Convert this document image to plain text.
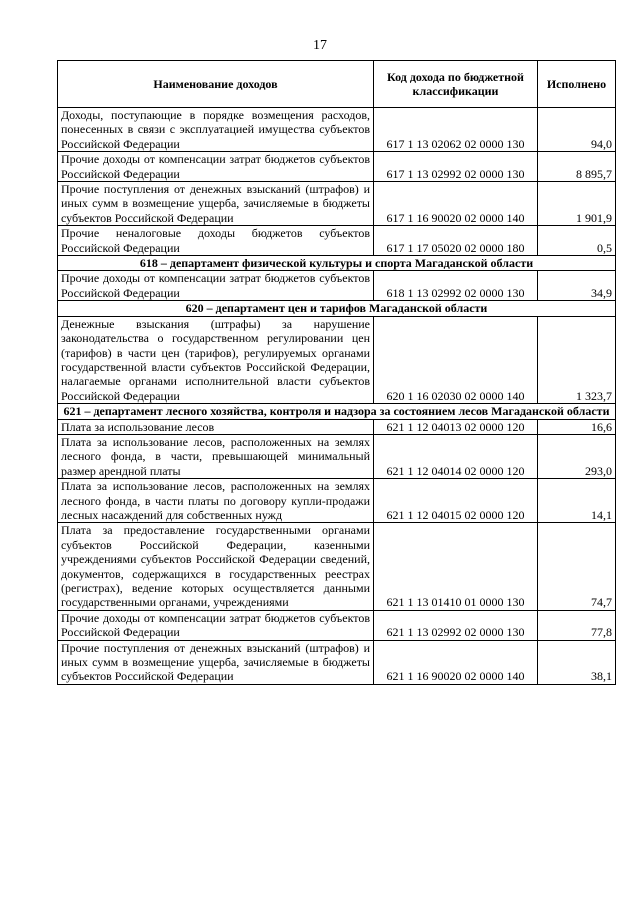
17
Наименование доходов	Код дохода по бюджетной классификации	Исполнено
Доходы, поступающие в порядке возмещения расходов, понесенных в связи с эксплуатацией имущества субъектов Российской Федерации	617 1 13 02062 02 0000 130	94,0
Прочие доходы от компенсации затрат бюджетов субъектов Российской Федерации	617 1 13 02992 02 0000 130	8 895,7
Прочие поступления от денежных взысканий (штрафов) и иных сумм в возмещение ущерба, зачисляемые в бюджеты субъектов Российской Федерации	617 1 16 90020 02 0000 140	1 901,9
Прочие неналоговые доходы бюджетов субъектов Российской Федерации	617 1 17 05020 02 0000 180	0,5
618 – департамент физической культуры и спорта Магаданской области		
Прочие доходы от компенсации затрат бюджетов субъектов Российской Федерации	618 1 13 02992 02 0000 130	34,9
620 – департамент цен и тарифов Магаданской области		
Денежные взыскания (штрафы) за нарушение законодательства о государственном регулировании цен (тарифов) в части цен (тарифов), регулируемых органами государственной власти субъектов Российской Федерации, налагаемые органами исполнительной власти субъектов Российской Федерации	620 1 16 02030 02 0000 140	1 323,7
621 – департамент лесного хозяйства, контроля и надзора за состоянием лесов Магаданской области		
Плата за использование лесов	621 1 12 04013 02 0000 120	16,6
Плата за использование лесов, расположенных на землях лесного фонда, в части, превышающей минимальный размер арендной платы	621 1 12 04014 02 0000 120	293,0
Плата за использование лесов, расположенных на землях лесного фонда, в части платы по договору купли-продажи лесных насаждений для собственных нужд	621 1 12 04015 02 0000 120	14,1
Плата за предоставление государственными органами субъектов Российской Федерации, казенными учреждениями субъектов Российской Федерации сведений, документов, содержащихся в государственных реестрах (регистрах), ведение которых осуществляется данными государственными органами, учреждениями	621 1 13 01410 01 0000 130	74,7
Прочие доходы от компенсации затрат бюджетов субъектов Российской Федерации	621 1 13 02992 02 0000 130	77,8
Прочие поступления от денежных взысканий (штрафов) и иных сумм в возмещение ущерба, зачисляемые в бюджеты субъектов Российской Федерации	621 1 16 90020 02 0000 140	38,1
